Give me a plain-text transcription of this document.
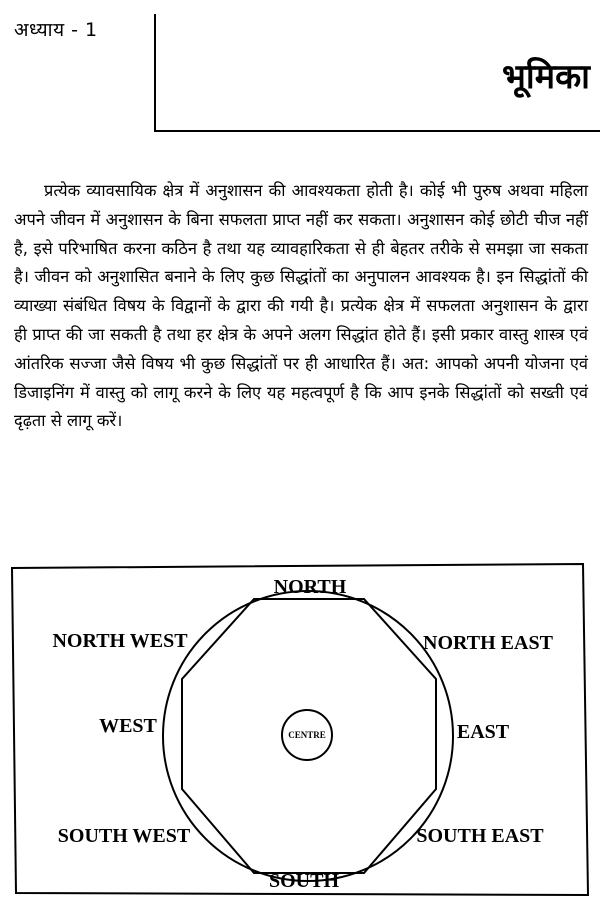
अध्याय - 1
भूमिका

प्रत्येक व्यावसायिक क्षेत्र में अनुशासन की आवश्यकता होती है। कोई भी पुरुष अथवा महिला अपने जीवन में अनुशासन के बिना सफलता प्राप्त नहीं कर सकता। अनुशासन कोई छोटी चीज नहीं है, इसे परिभाषित करना कठिन है तथा यह व्यावहारिकता से ही बेहतर तरीके से समझा जा सकता है। जीवन को अनुशासित बनाने के लिए कुछ सिद्धांतों का अनुपालन आवश्यक है। इन सिद्धांतों की व्याख्या संबंधित विषय के विद्वानों के द्वारा की गयी है। प्रत्येक क्षेत्र में सफलता अनुशासन के द्वारा ही प्राप्त की जा सकती है तथा हर क्षेत्र के अपने अलग सिद्धांत होते हैं। इसी प्रकार वास्तु शास्त्र एवं आंतरिक सज्जा जैसे विषय भी कुछ सिद्धांतों पर ही आधारित हैं। अत: आपको अपनी योजना एवं डिजाइनिंग में वास्तु को लागू करने के लिए यह महत्वपूर्ण है कि आप इनके सिद्धांतों को सख्ती एवं दृढ़ता से लागू करें।

CENTRE
NORTH
NORTH EAST
EAST
SOUTH EAST
SOUTH
SOUTH WEST
WEST
NORTH WEST
